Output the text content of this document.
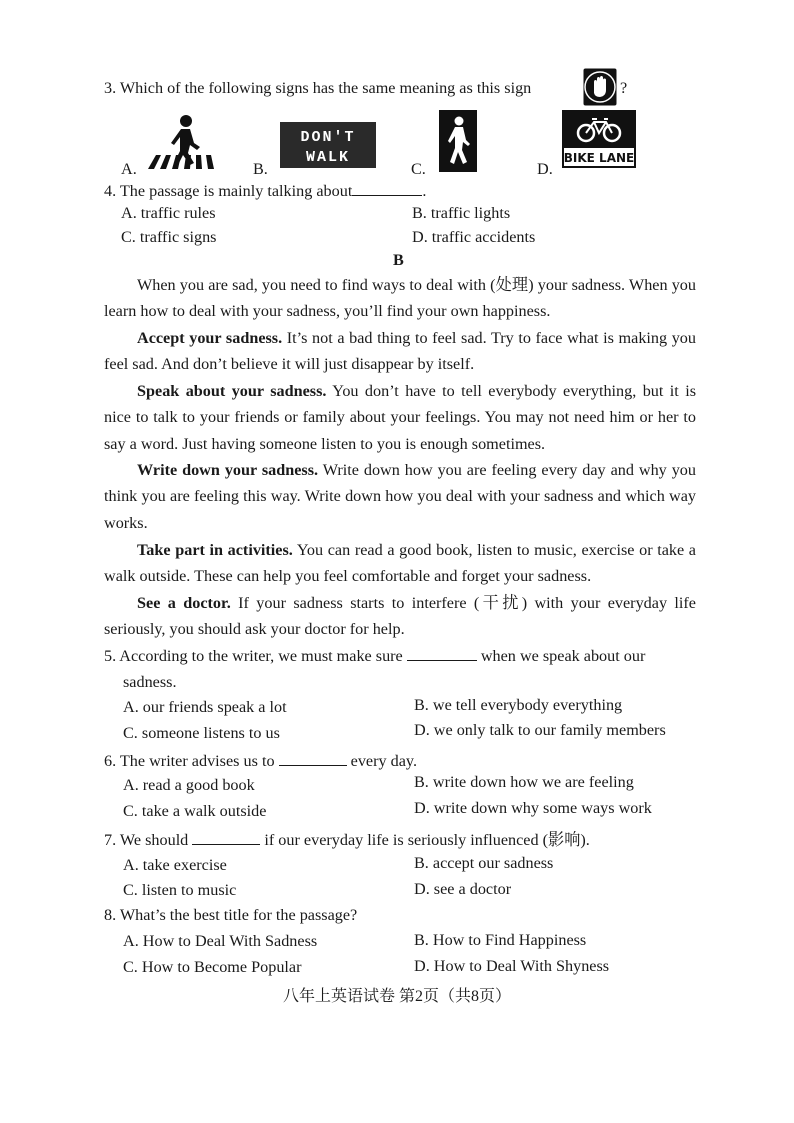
3. Which of the following signs has the same meaning as this sign	?
A.	B.
DON'T
WALK
C.	D.
BIKE LANE
4. The passage is mainly talking about	.
A. traffic rules	B. traffic lights
C. traffic signs	D. traffic accidents
B
When you are sad, you need to find ways to deal with (处理) your sadness. When you learn how to deal with your sadness, you’ll find your own happiness.
Accept your sadness. It’s not a bad thing to feel sad. Try to face what is making you feel sad. And don’t believe it will just disappear by itself.
Speak about your sadness. You don’t have to tell everybody everything, but it is nice to talk to your friends or family about your feelings. You may not need him or her to say a word. Just having someone listen to you is enough sometimes.
Write down your sadness. Write down how you are feeling every day and why you think you are feeling this way. Write down how you deal with your sadness and which way works.
Take part in activities. You can read a good book, listen to music, exercise or take a walk outside. These can help you feel comfortable and forget your sadness.
See a doctor. If your sadness starts to interfere (干扰) with your everyday life seriously, you should ask your doctor for help.
5. According to the writer, we must make sure	when we speak about our
sadness.
A. our friends speak a lot	B. we tell everybody everything
C. someone listens to us	D. we only talk to our family members
6. The writer advises us to	every day.
A. read a good book	B. write down how we are feeling
C. take a walk outside	D. write down why some ways work
7. We should	if our everyday life is seriously influenced (影响).
A. take exercise	B. accept our sadness
C. listen to music	D. see a doctor
8. What’s the best title for the passage?
A. How to Deal With Sadness	B. How to Find Happiness
C. How to Become Popular	D. How to Deal With Shyness
八年上英语试卷 第2页（共8页）
